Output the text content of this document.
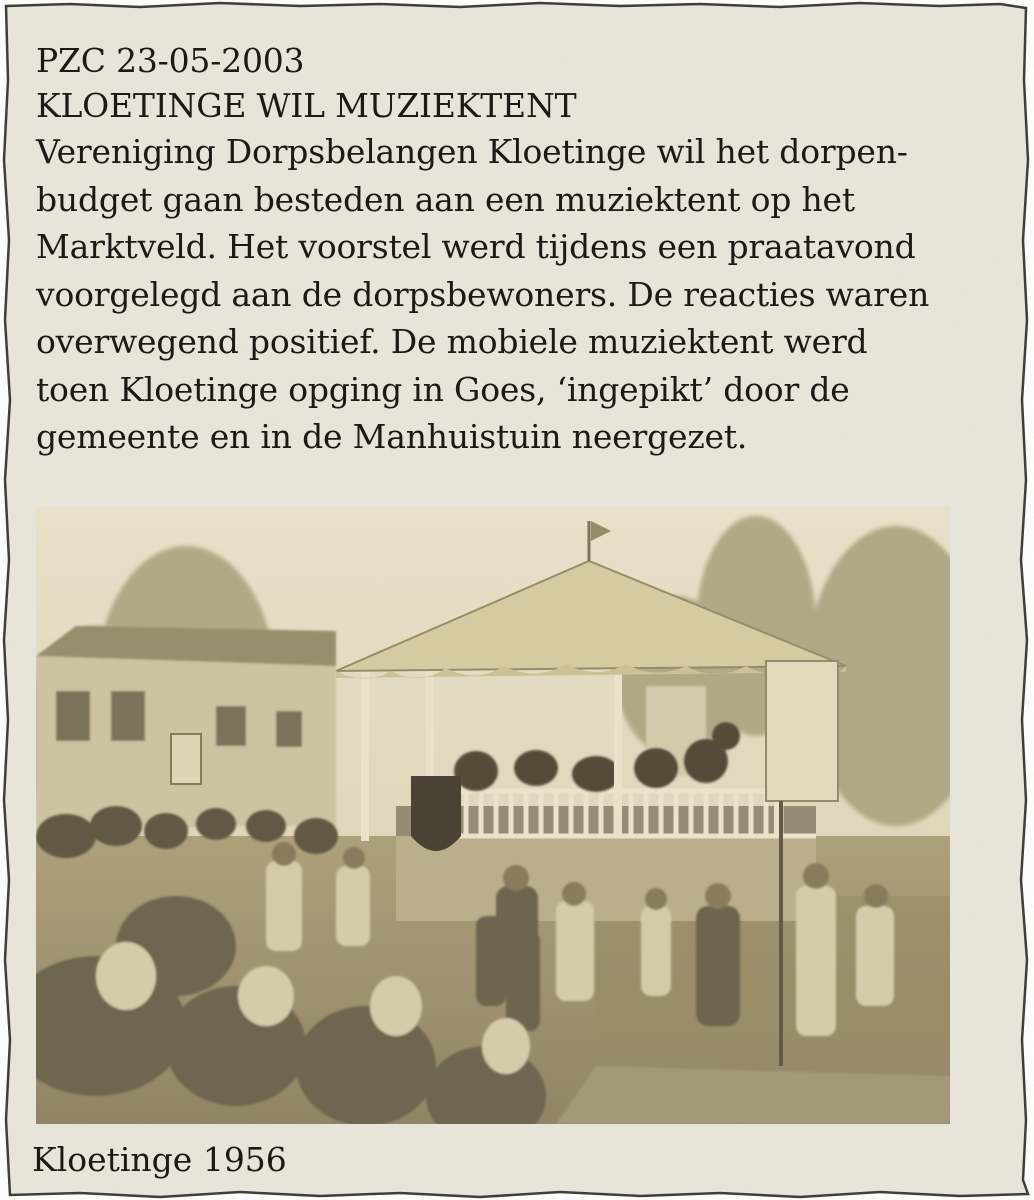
PZC 23-05-2003
KLOETINGE WIL MUZIEKTENT
Vereniging Dorpsbelangen Kloetinge wil het dorpen-
budget gaan besteden aan een muziektent op het
Marktveld. Het voorstel werd tijdens een praatavond
voorgelegd aan de dorpsbewoners. De reacties waren
overwegend positief. De mobiele muziektent werd
toen Kloetinge opging in Goes, ‘ingepikt’ door de
gemeente en in de Manhuistuin neergezet.
Kloetinge 1956
